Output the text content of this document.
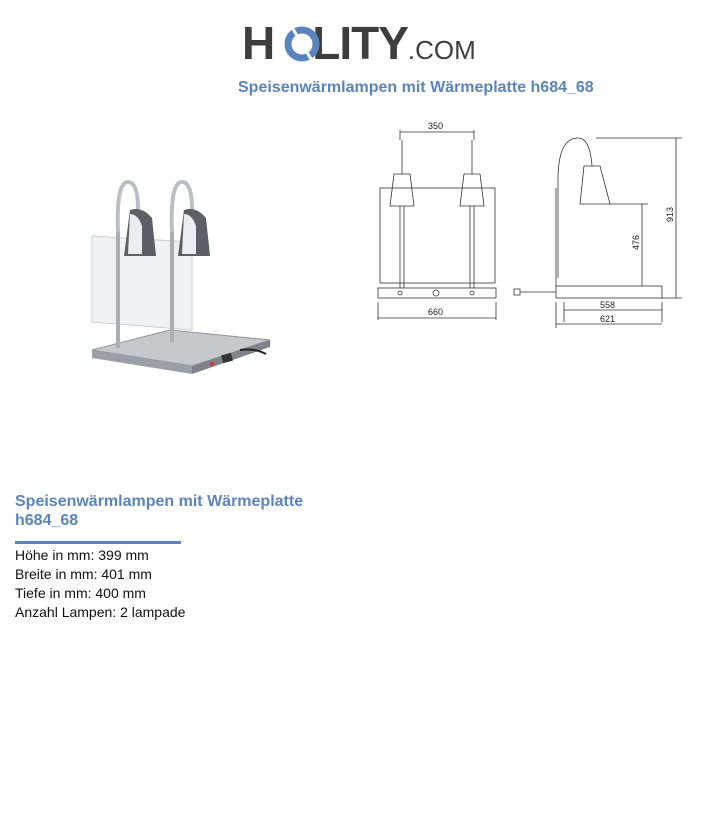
H LITY.COM
Speisenwärmlampen mit Wärmeplatte h684_68
350
660
558
621
476
913
Speisenwärmlampen mit Wärmeplatte h684_68
Höhe in mm: 399 mm
Breite in mm: 401 mm
Tiefe in mm: 400 mm
Anzahl Lampen: 2 lampade
